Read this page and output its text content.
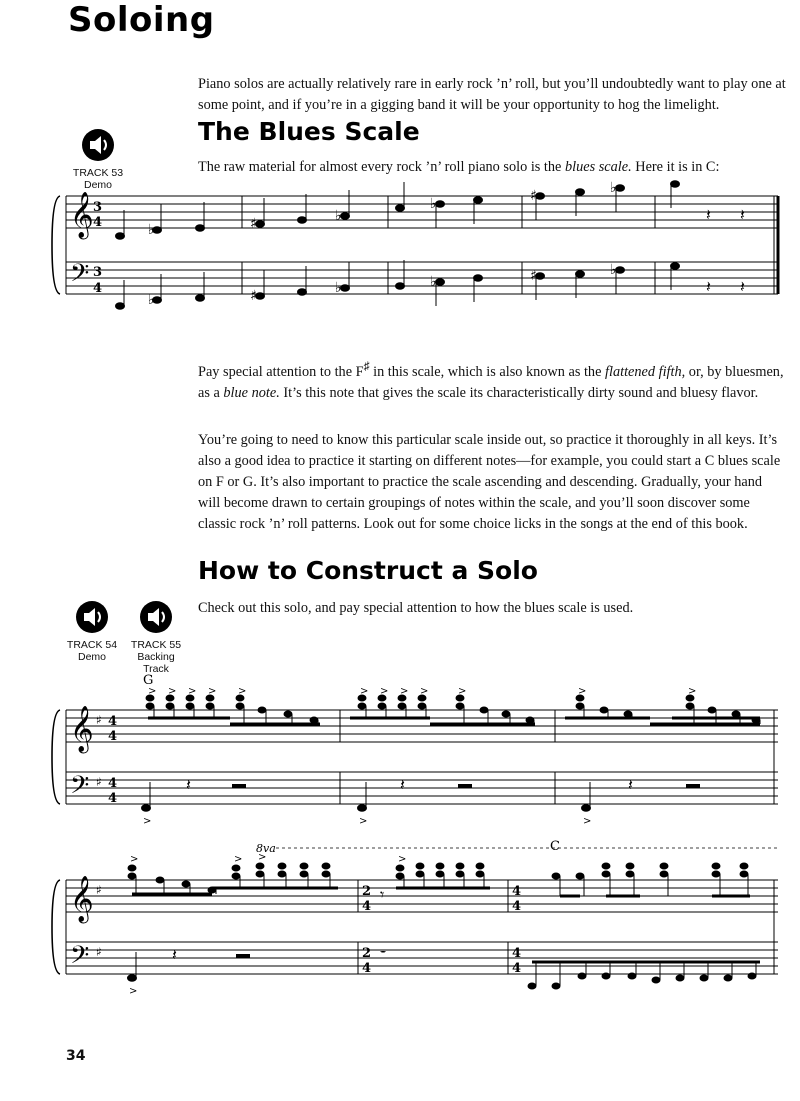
Soloing

Piano solos are actually relatively rare in early rock ’n’ roll, but you’ll undoubtedly want to play one at some point, and if you’re in a gigging band it will be your opportunity to hog the limelight.

TRACK 53
Demo
The Blues Scale

The raw material for almost every rock ’n’ roll piano solo is the blues scale. Here it is in C:

𝄞
𝄢
3
4
3
4
♭	♯	♭
♭	♯	♭
♭	♯	♭	♭	♯	♭
𝄽 𝄽
𝄽 𝄽

Pay special attention to the F♯ in this scale, which is also known as the flattened fifth, or, by bluesmen, as a blue note. It’s this note that gives the scale its characteristically dirty sound and bluesy flavor.

You’re going to need to know this particular scale inside out, so practice it thoroughly in all keys. It’s also a good idea to practice it starting on different notes—for example, you could start a C blues scale on F or G. It’s also important to practice the scale ascending and descending. Gradually, your hand will become drawn to certain groupings of notes within the scale, and you’ll soon discover some classic rock ’n’ roll patterns. Look out for some choice licks in the songs at the end of this book.

How to Construct a Solo
TRACK 54
Demo
TRACK 55
Backing Track

Check out this solo, and pay special attention to how the blues scale is used.

G
𝄞
𝄢
♯
♯
4
4
4
4
> > > > >	> > > >	>	>	>
>	>	>
𝄽	𝄽	𝄽
8va	C
𝄞
𝄢
♯
♯
2
4
2
4
4
4
4
4
>	> >	>
>
𝄽
𝄾
𝄻
34
